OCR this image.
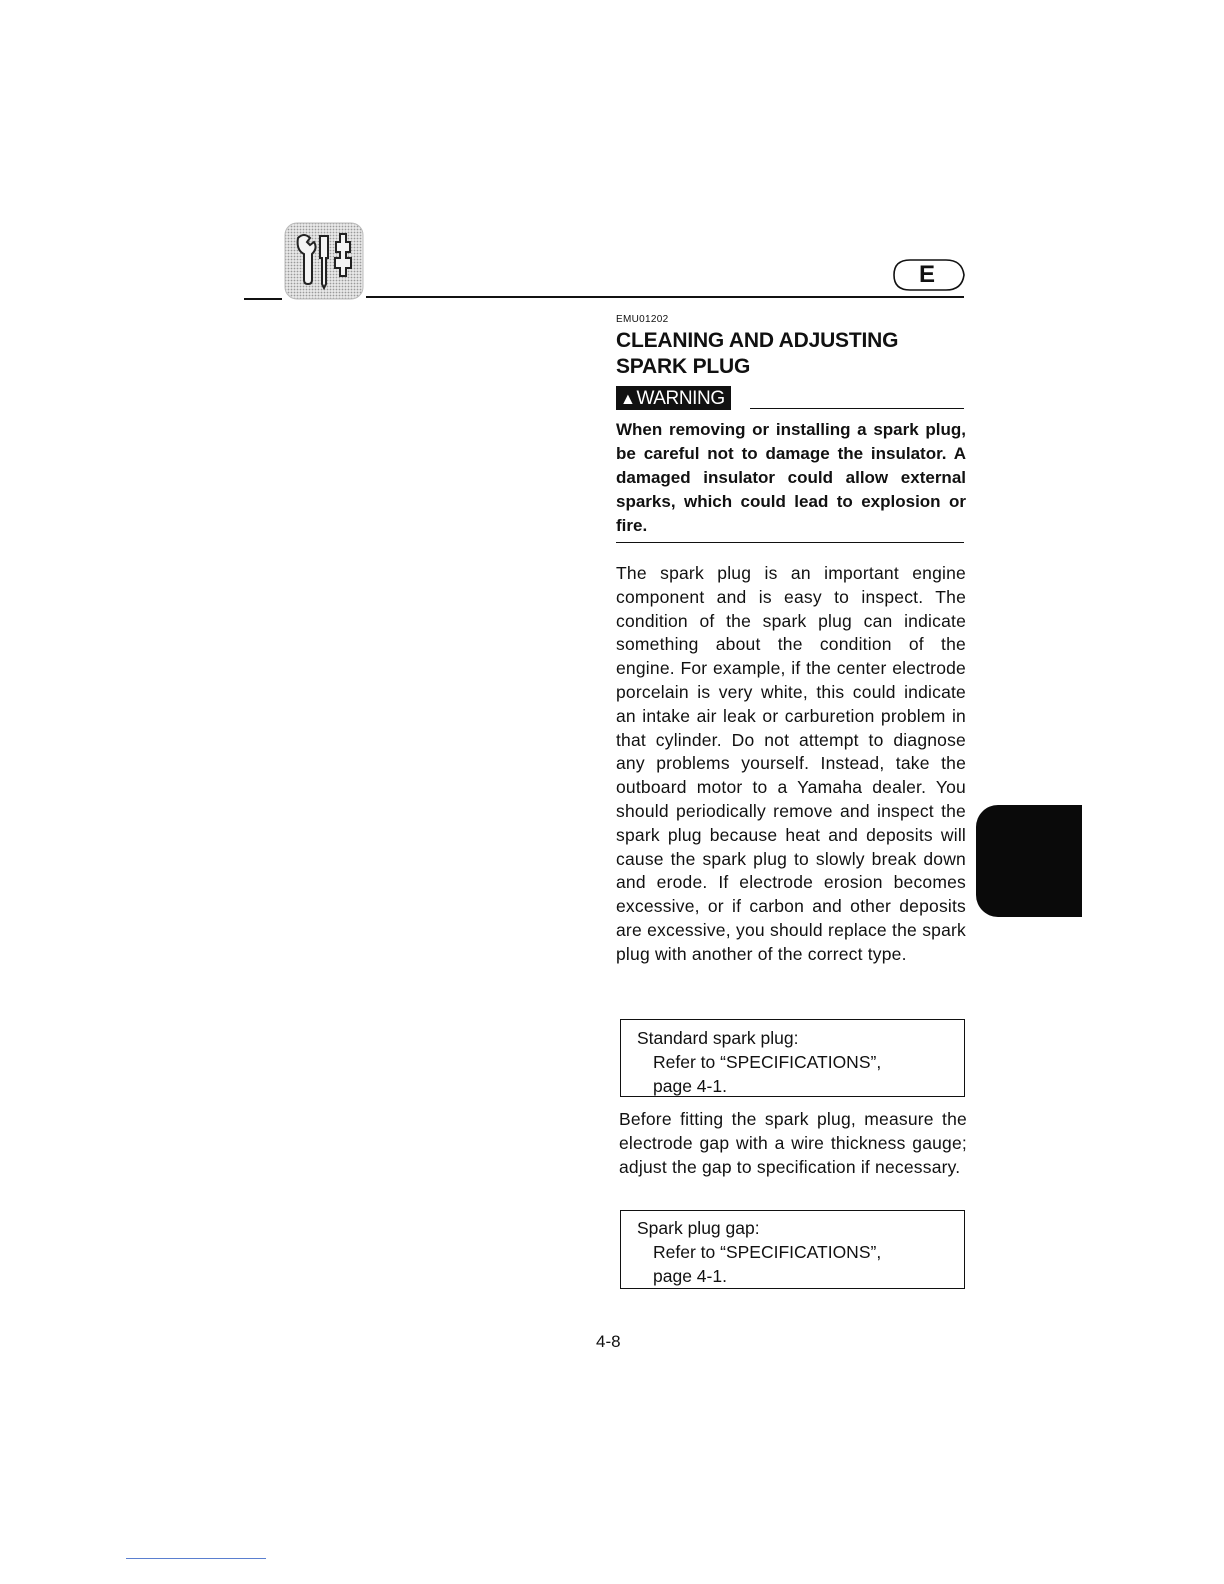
E
EMU01202
CLEANING AND ADJUSTING SPARK PLUG
▲WARNING
When removing or installing a spark plug, be careful not to damage the insulator. A damaged insulator could allow external sparks, which could lead to explosion or fire.
The spark plug is an important engine component and is easy to inspect. The condition of the spark plug can indicate something about the condition of the engine. For example, if the center electrode porcelain is very white, this could indicate an intake air leak or carburetion problem in that cylinder. Do not attempt to diagnose any problems yourself. Instead, take the outboard motor to a Yamaha dealer. You should periodically remove and inspect the spark plug because heat and deposits will cause the spark plug to slowly break down and erode. If electrode erosion becomes excessive, or if carbon and other deposits are excessive, you should replace the spark plug with another of the correct type.
Standard spark plug:
Refer to “SPECIFICATIONS”,
page 4-1.
Before fitting the spark plug, measure the electrode gap with a wire thickness gauge; adjust the gap to specification if necessary.
Spark plug gap:
Refer to “SPECIFICATIONS”,
page 4-1.
4-8
